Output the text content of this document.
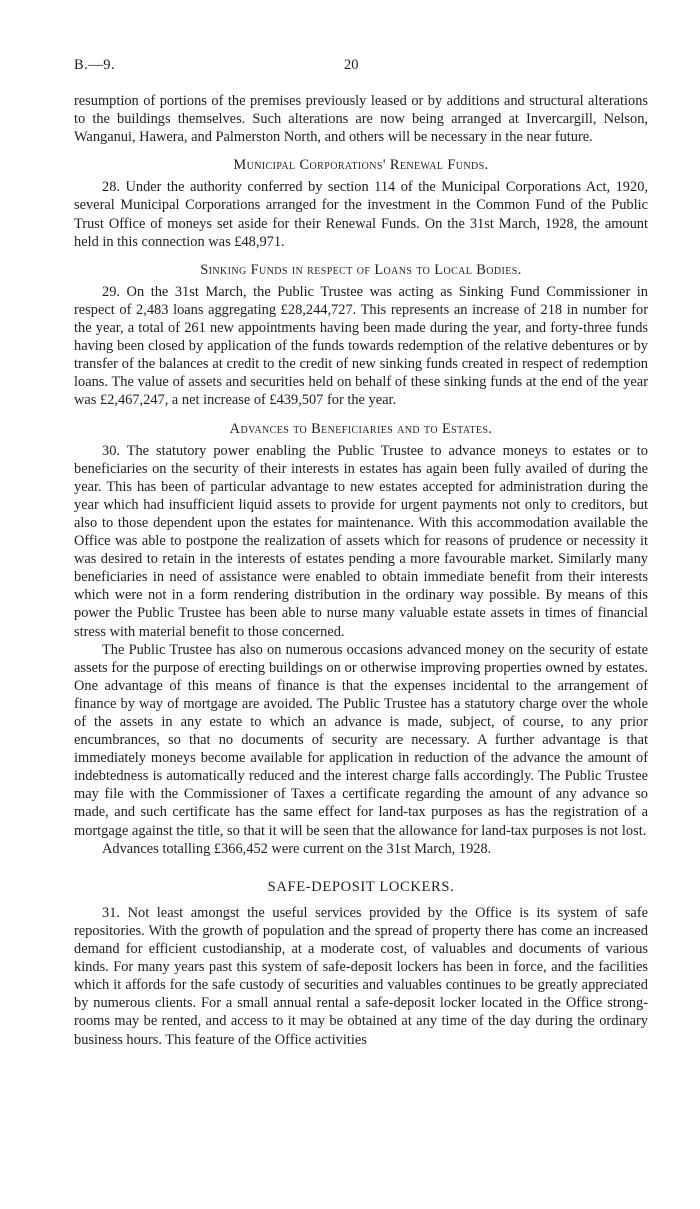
B.—9.	20

resumption of portions of the premises previously leased or by additions and structural alterations to the buildings themselves. Such alterations are now being arranged at Invercargill, Nelson, Wanganui, Hawera, and Palmerston North, and others will be necessary in the near future.

Municipal Corporations' Renewal Funds.

28. Under the authority conferred by section 114 of the Municipal Corporations Act, 1920, several Municipal Corporations arranged for the investment in the Common Fund of the Public Trust Office of moneys set aside for their Renewal Funds. On the 31st March, 1928, the amount held in this connection was £48,971.

Sinking Funds in respect of Loans to Local Bodies.

29. On the 31st March, the Public Trustee was acting as Sinking Fund Commissioner in respect of 2,483 loans aggregating £28,244,727. This represents an increase of 218 in number for the year, a total of 261 new appointments having been made during the year, and forty-three funds having been closed by application of the funds towards redemption of the relative debentures or by transfer of the balances at credit to the credit of new sinking funds created in respect of redemption loans. The value of assets and securities held on behalf of these sinking funds at the end of the year was £2,467,247, a net increase of £439,507 for the year.

Advances to Beneficiaries and to Estates.

30. The statutory power enabling the Public Trustee to advance moneys to estates or to beneficiaries on the security of their interests in estates has again been fully availed of during the year. This has been of particular advantage to new estates accepted for administration during the year which had insufficient liquid assets to provide for urgent payments not only to creditors, but also to those dependent upon the estates for maintenance. With this accommodation available the Office was able to postpone the realization of assets which for reasons of prudence or necessity it was desired to retain in the interests of estates pending a more favourable market. Similarly many beneficiaries in need of assistance were enabled to obtain immediate benefit from their interests which were not in a form rendering distribution in the ordinary way possible. By means of this power the Public Trustee has been able to nurse many valuable estate assets in times of financial stress with material benefit to those concerned.

The Public Trustee has also on numerous occasions advanced money on the security of estate assets for the purpose of erecting buildings on or otherwise improving properties owned by estates. One advantage of this means of finance is that the expenses incidental to the arrangement of finance by way of mortgage are avoided. The Public Trustee has a statutory charge over the whole of the assets in any estate to which an advance is made, subject, of course, to any prior encumbrances, so that no documents of security are necessary. A further advantage is that immediately moneys become available for application in reduction of the advance the amount of indebtedness is automatically reduced and the interest charge falls accordingly. The Public Trustee may file with the Commissioner of Taxes a certificate regarding the amount of any advance so made, and such certificate has the same effect for land-tax purposes as has the registration of a mortgage against the title, so that it will be seen that the allowance for land-tax purposes is not lost.

Advances totalling £366,452 were current on the 31st March, 1928.

SAFE-DEPOSIT LOCKERS.

31. Not least amongst the useful services provided by the Office is its system of safe repositories. With the growth of population and the spread of property there has come an increased demand for efficient custodianship, at a moderate cost, of valuables and documents of various kinds. For many years past this system of safe-deposit lockers has been in force, and the facilities which it affords for the safe custody of securities and valuables continues to be greatly appreciated by numerous clients. For a small annual rental a safe-deposit locker located in the Office strong-rooms may be rented, and access to it may be obtained at any time of the day during the ordinary business hours. This feature of the Office activities
